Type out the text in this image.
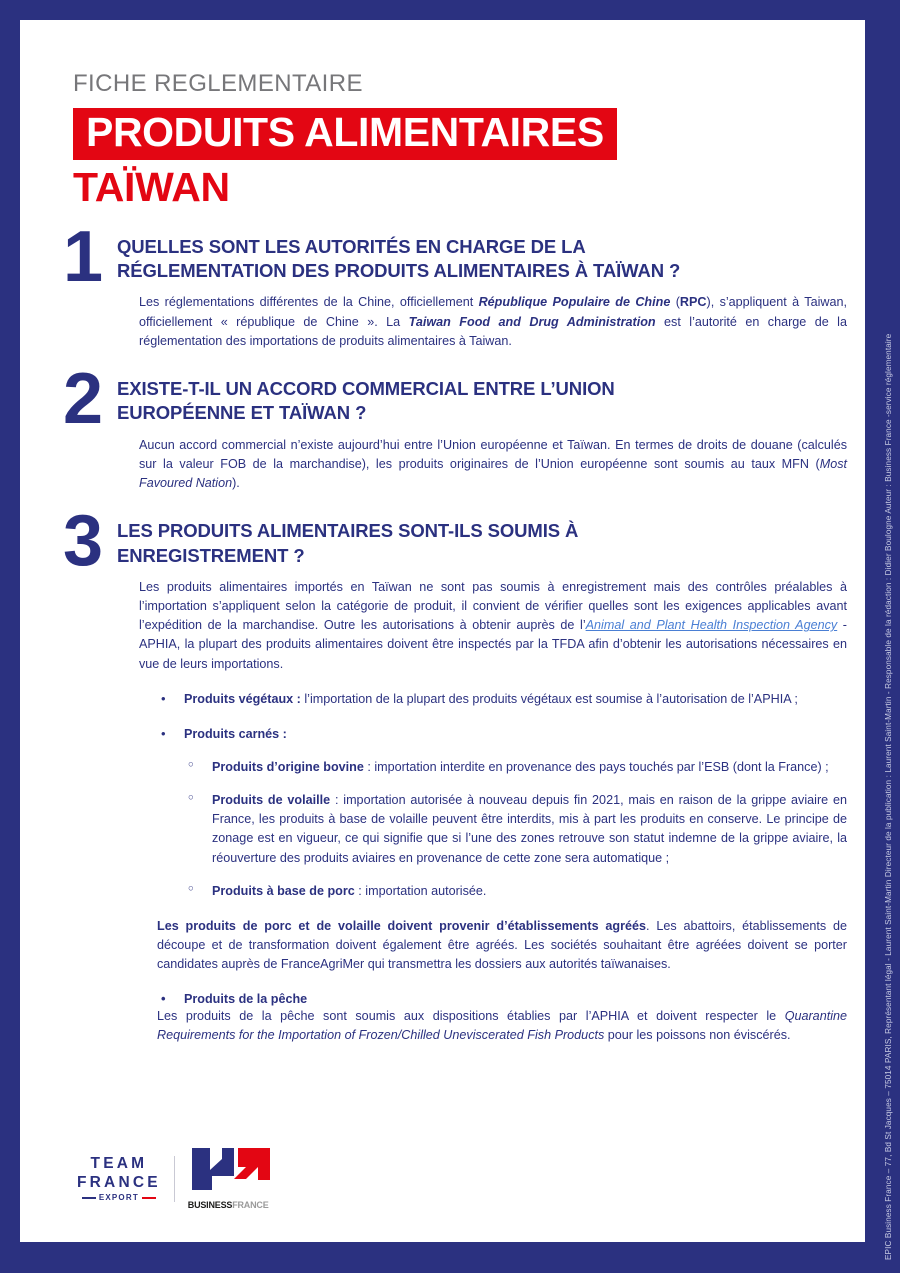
EPIC Business France – 77, Bd St Jacques – 75014 PARIS, Représentant légal - Laurent Saint-Martin Directeur de la publication : Laurent Saint-Martin - Responsable de la rédaction : Didier Boulogne Auteur : Business France -service réglementaire
FICHE REGLEMENTAIRE
PRODUITS ALIMENTAIRES
TAÏWAN
1 QUELLES SONT LES AUTORITÉS EN CHARGE DE LA
RÉGLEMENTATION DES PRODUITS ALIMENTAIRES À TAÏWAN ?

Les réglementations différentes de la Chine, officiellement République Populaire de Chine (RPC), s’appliquent à Taiwan, officiellement « république de Chine ». La Taiwan Food and Drug Administration est l’autorité en charge de la réglementation des importations de produits alimentaires à Taiwan.

2 EXISTE-T-IL UN ACCORD COMMERCIAL ENTRE L’UNION
EUROPÉENNE ET TAÏWAN ?

Aucun accord commercial n’existe aujourd’hui entre l’Union européenne et Taïwan. En termes de droits de douane (calculés sur la valeur FOB de la marchandise), les produits originaires de l’Union européenne sont soumis au taux MFN (Most Favoured Nation).

3 LES PRODUITS ALIMENTAIRES SONT-ILS SOUMIS À
ENREGISTREMENT ?

Les produits alimentaires importés en Taïwan ne sont pas soumis à enregistrement mais des contrôles préalables à l’importation s’appliquent selon la catégorie de produit, il convient de vérifier quelles sont les exigences applicables avant l’expédition de la marchandise. Outre les autorisations à obtenir auprès de l’Animal and Plant Health Inspection Agency - APHIA, la plupart des produits alimentaires doivent être inspectés par la TFDA afin d’obtenir les autorisations nécessaires en vue de leurs importations.

• Produits végétaux : l’importation de la plupart des produits végétaux est soumise à l’autorisation de l’APHIA ;
• Produits carnés :
○ Produits d’origine bovine : importation interdite en provenance des pays touchés par l’ESB (dont la France) ;
○ Produits de volaille : importation autorisée à nouveau depuis fin 2021, mais en raison de la grippe aviaire en France, les produits à base de volaille peuvent être interdits, mis à part les produits en conserve. Le principe de zonage est en vigueur, ce qui signifie que si l’une des zones retrouve son statut indemne de la grippe aviaire, la réouverture des produits aviaires en provenance de cette zone sera automatique ;
○ Produits à base de porc : importation autorisée.

Les produits de porc et de volaille doivent provenir d’établissements agréés. Les abattoirs, établissements de découpe et de transformation doivent également être agréés. Les sociétés souhaitant être agréées doivent se porter candidates auprès de FranceAgriMer qui transmettra les dossiers aux autorités taïwanaises.

• Produits de la pêche

Les produits de la pêche sont soumis aux dispositions établies par l’APHIA et doivent respecter le Quarantine Requirements for the Importation of Frozen/Chilled Uneviscerated Fish Products pour les poissons non éviscérés.

TEAM
FRANCE
EXPORT
BUSINESSFRANCE
